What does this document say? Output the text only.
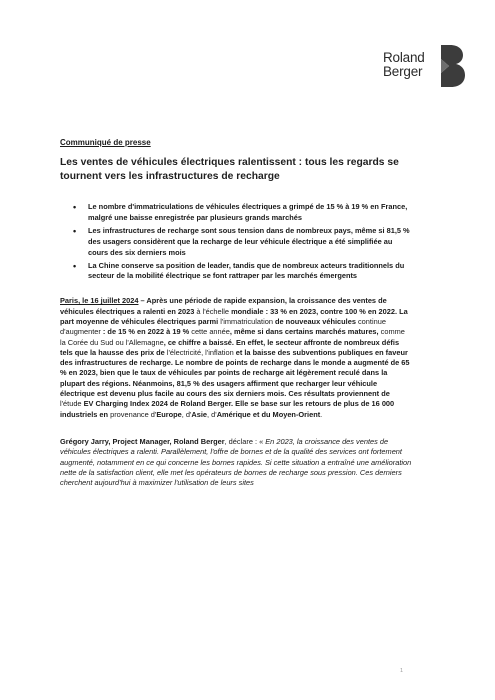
Roland
Berger

Communiqué de presse

Les ventes de véhicules électriques ralentissent : tous les regards se tournent vers les infrastructures de recharge

• Le nombre d'immatriculations de véhicules électriques a grimpé de 15 % à 19 % en France, malgré une baisse enregistrée par plusieurs grands marchés
• Les infrastructures de recharge sont sous tension dans de nombreux pays, même si 81,5 % des usagers considèrent que la recharge de leur véhicule électrique a été simplifiée au cours des six derniers mois
• La Chine conserve sa position de leader, tandis que de nombreux acteurs traditionnels du secteur de la mobilité électrique se font rattraper par les marchés émergents

Paris, le 16 juillet 2024 – Après une période de rapide expansion, la croissance des ventes de véhicules électriques a ralenti en 2023 à l'échelle mondiale : 33 % en 2023, contre 100 % en 2022. La part moyenne de véhicules électriques parmi l'immatriculation de nouveaux véhicules continue d'augmenter : de 15 % en 2022 à 19 % cette année, même si dans certains marchés matures, comme la Corée du Sud ou l'Allemagne, ce chiffre a baissé. En effet, le secteur affronte de nombreux défis tels que la hausse des prix de l'électricité, l'inflation et la baisse des subventions publiques en faveur des infrastructures de recharge. Le nombre de points de recharge dans le monde a augmenté de 65 % en 2023, bien que le taux de véhicules par points de recharge ait légèrement reculé dans la plupart des régions. Néanmoins, 81,5 % des usagers affirment que recharger leur véhicule électrique est devenu plus facile au cours des six derniers mois. Ces résultats proviennent de l'étude EV Charging Index 2024 de Roland Berger. Elle se base sur les retours de plus de 16 000 industriels en provenance d'Europe, d'Asie, d'Amérique et du Moyen-Orient.

Grégory Jarry, Project Manager, Roland Berger, déclare : « En 2023, la croissance des ventes de véhicules électriques a ralenti. Parallèlement, l'offre de bornes et de la qualité des services ont fortement augmenté, notamment en ce qui concerne les bornes rapides. Si cette situation a entraîné une amélioration nette de la satisfaction client, elle met les opérateurs de bornes de recharge sous pression. Ces derniers cherchent aujourd'hui à maximizer l'utilisation de leurs sites

1
